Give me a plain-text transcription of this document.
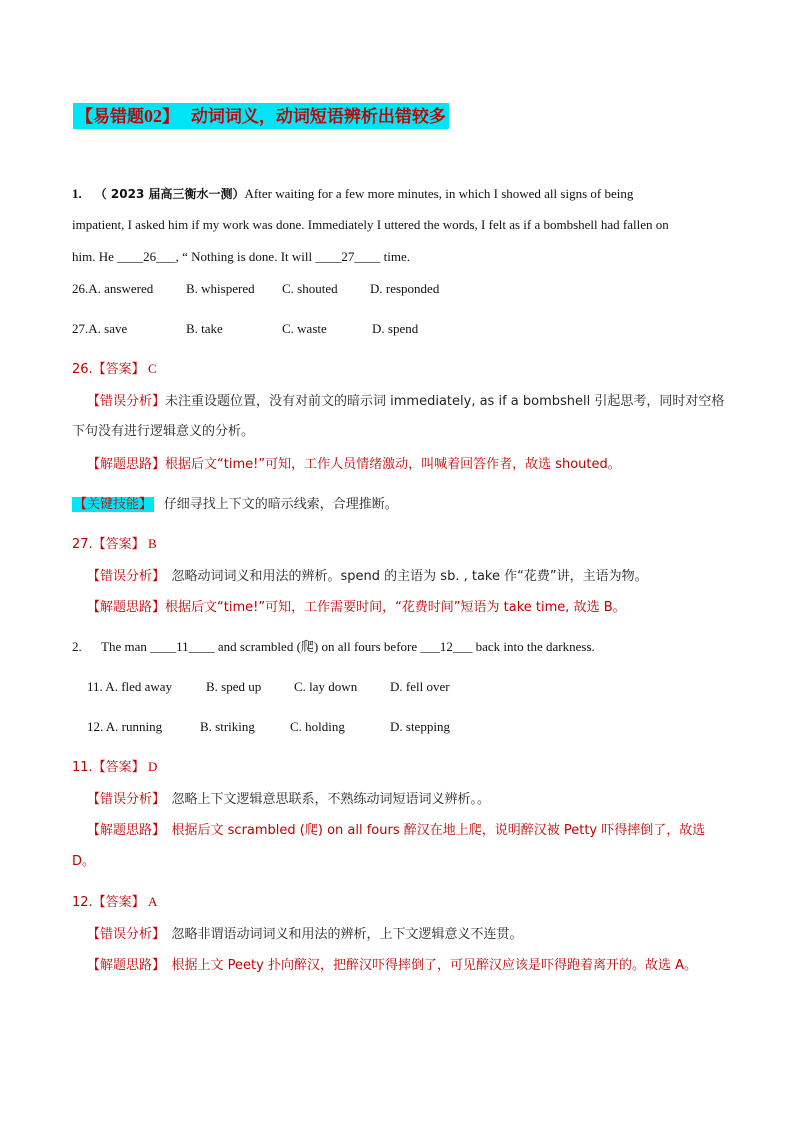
【易错题02】 动词词义，动词短语辨析出错较多
1. （ 2023 届高三衡水一测）After waiting for a few more minutes, in which I showed all signs of being
impatient, I asked him if my work was done. Immediately I uttered the words, I felt as if a bombshell had fallen on
him. He ____26___, “ Nothing is done. It will ____27____ time.
26.A. answered	B. whispered C. shouted D. responded
27.A. save	B. take	C. waste	D. spend
26.【答案】 C
【错误分析】未注重设题位置，没有对前文的暗示词 immediately, as if a bombshell 引起思考，同时对空格
下句没有进行逻辑意义的分析。
【解题思路】根据后文“time!”可知，工作人员情绪激动，叫喊着回答作者，故选 shouted。
【关键技能】 仔细寻找上下文的暗示线索，合理推断。
27.【答案】 B
【错误分析】 忽略动词词义和用法的辨析。spend 的主语为 sb. , take 作“花费”讲，主语为物。
【解题思路】根据后文“time!”可知，工作需要时间，“花费时间”短语为 take time, 故选 B。
2. The man ____11____ and scrambled (爬) on all fours before ___12___ back into the darkness.
11. A. fled away	B. sped up	C. lay down	D. fell over
12. A. running	B. striking	C. holding	D. stepping
11.【答案】 D
【错误分析】 忽略上下文逻辑意思联系，不熟练动词短语词义辨析。。
【解题思路】 根据后文 scrambled (爬) on all fours 醉汉在地上爬，说明醉汉被 Petty 吓得摔倒了，故选
D。
12.【答案】 A
【错误分析】 忽略非谓语动词词义和用法的辨析，上下文逻辑意义不连贯。
【解题思路】 根据上文 Peety 扑向醉汉，把醉汉吓得摔倒了，可见醉汉应该是吓得跑着离开的。故选 A。
